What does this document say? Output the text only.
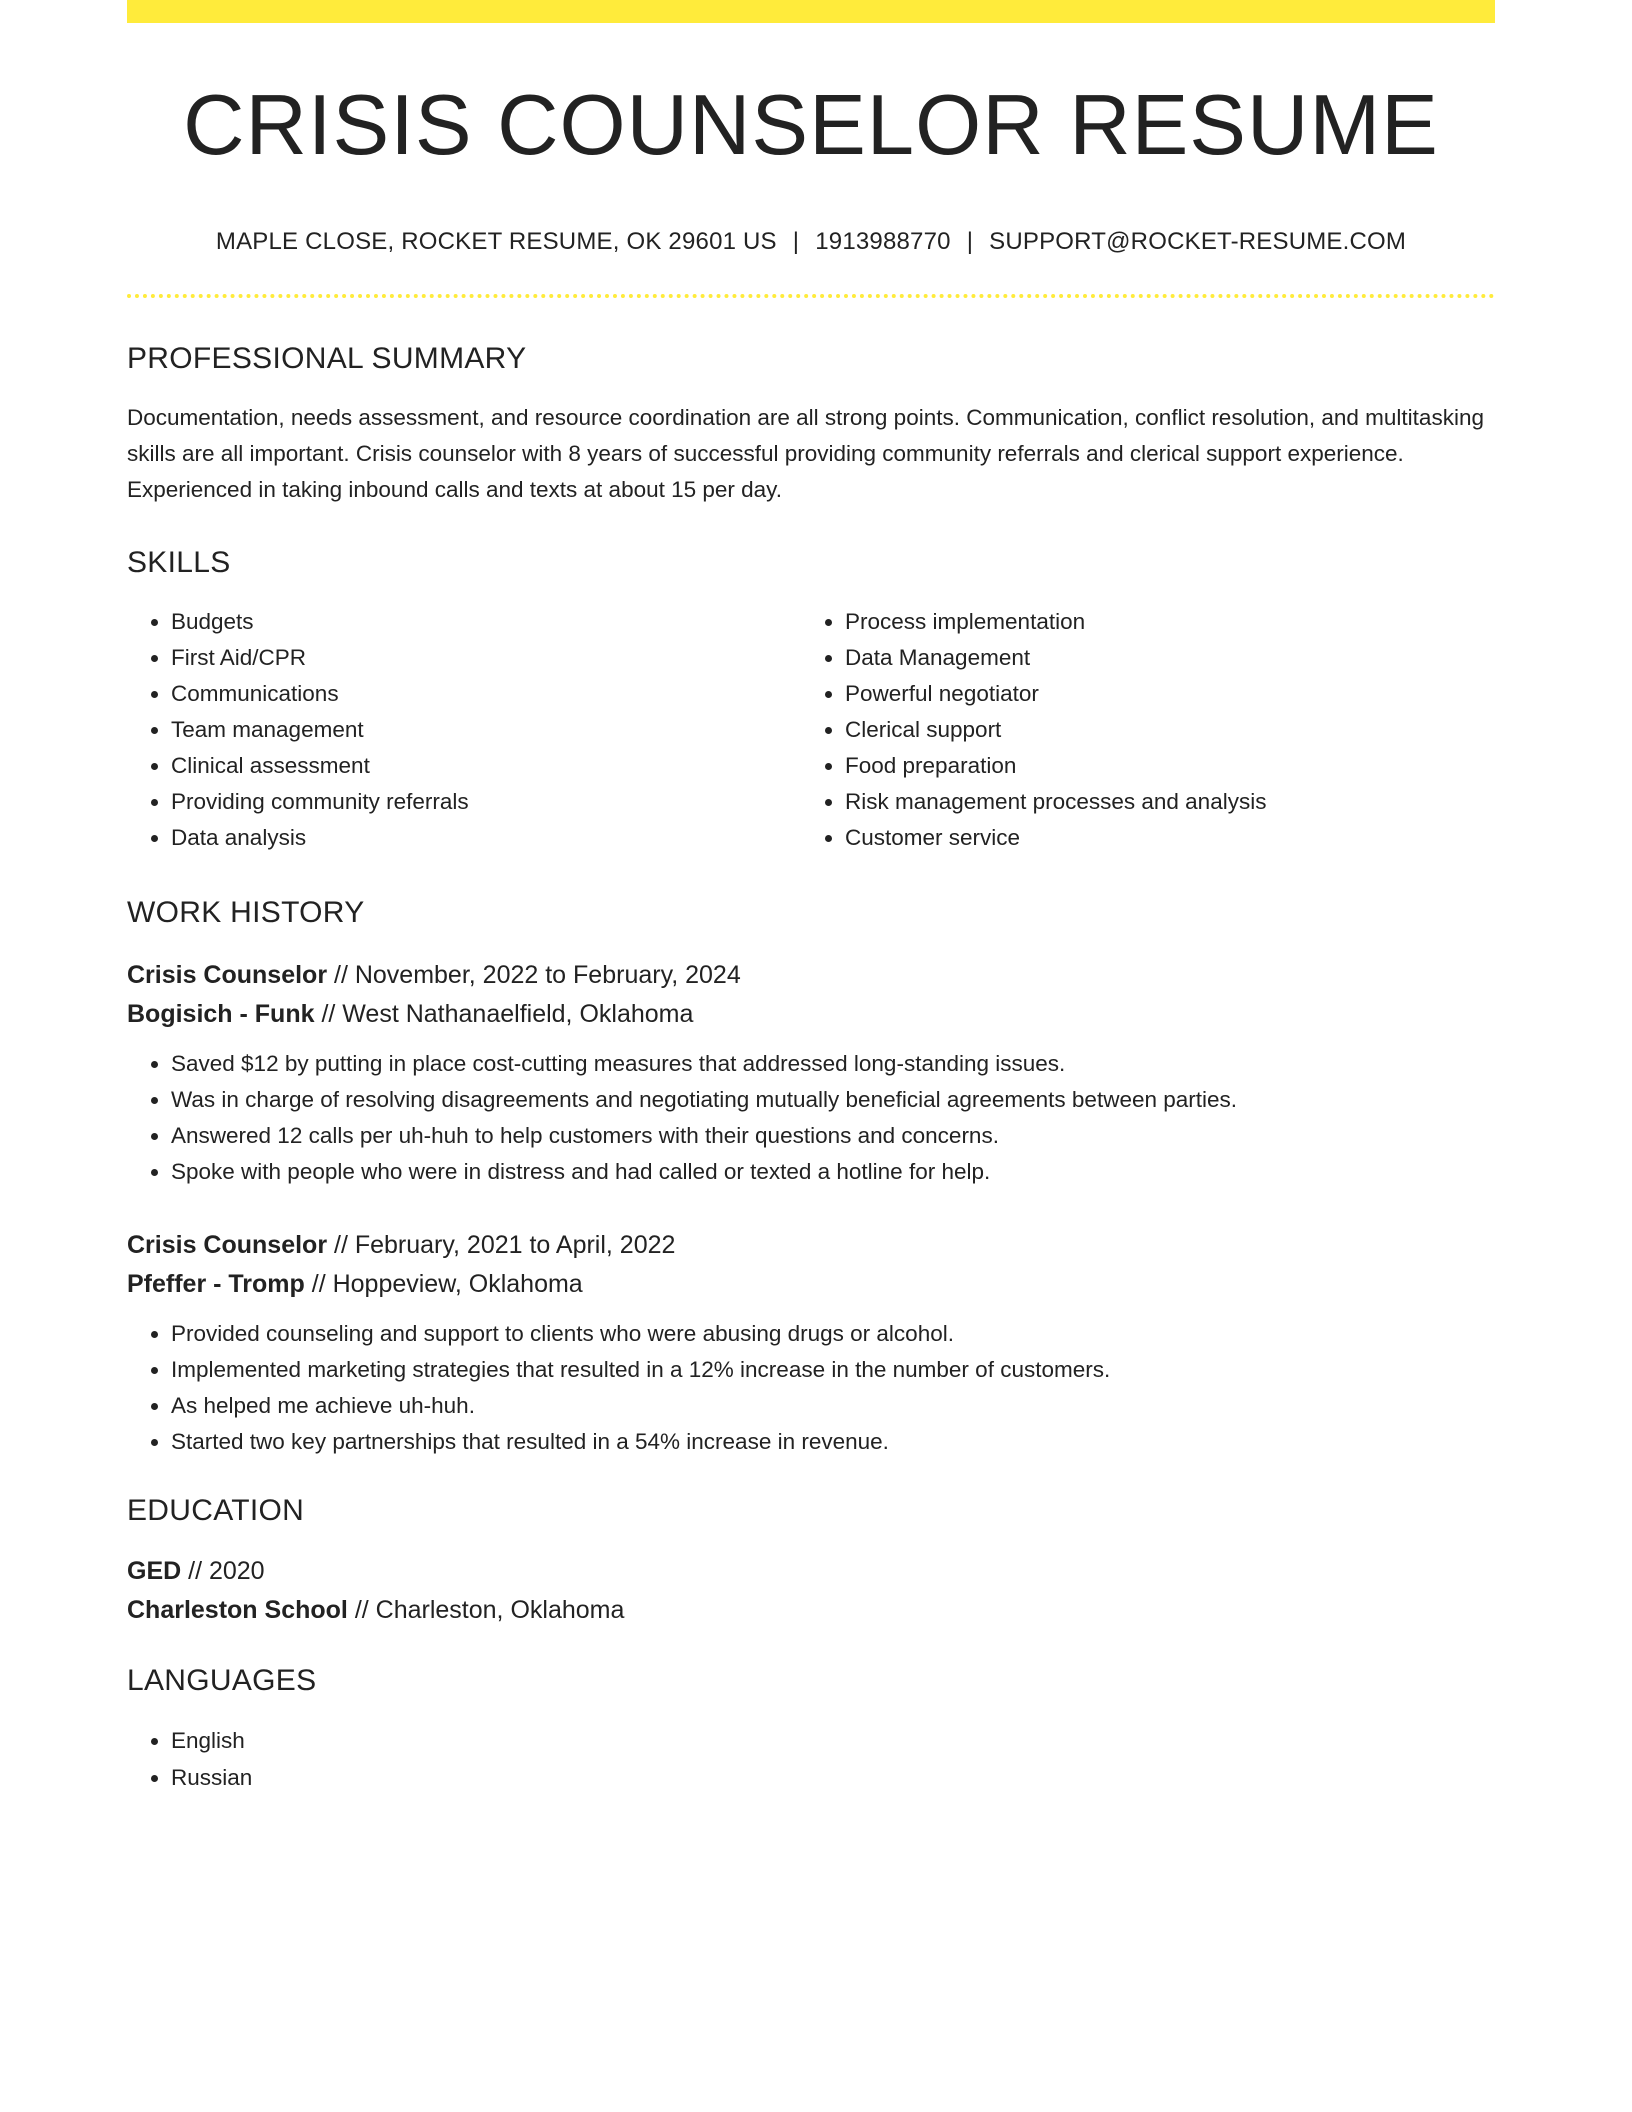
CRISIS COUNSELOR RESUME
MAPLE CLOSE, ROCKET RESUME, OK 29601 US | 1913988770 | SUPPORT@ROCKET-RESUME.COM
PROFESSIONAL SUMMARY

Documentation, needs assessment, and resource coordination are all strong points. Communication, conflict resolution, and multitasking skills are all important. Crisis counselor with 8 years of successful providing community referrals and clerical support experience. Experienced in taking inbound calls and texts at about 15 per day.

SKILLS
• Budgets
• First Aid/CPR
• Communications
• Team management
• Clinical assessment
• Providing community referrals
• Data analysis
• Process implementation
• Data Management
• Powerful negotiator
• Clerical support
• Food preparation
• Risk management processes and analysis
• Customer service
WORK HISTORY
Crisis Counselor // November, 2022 to February, 2024
Bogisich - Funk // West Nathanaelfield, Oklahoma
• Saved $12 by putting in place cost-cutting measures that addressed long-standing issues.
• Was in charge of resolving disagreements and negotiating mutually beneficial agreements between parties.
• Answered 12 calls per uh-huh to help customers with their questions and concerns.
• Spoke with people who were in distress and had called or texted a hotline for help.
Crisis Counselor // February, 2021 to April, 2022
Pfeffer - Tromp // Hoppeview, Oklahoma
• Provided counseling and support to clients who were abusing drugs or alcohol.
• Implemented marketing strategies that resulted in a 12% increase in the number of customers.
• As helped me achieve uh-huh.
• Started two key partnerships that resulted in a 54% increase in revenue.
EDUCATION
GED // 2020
Charleston School // Charleston, Oklahoma
LANGUAGES
• English
• Russian
